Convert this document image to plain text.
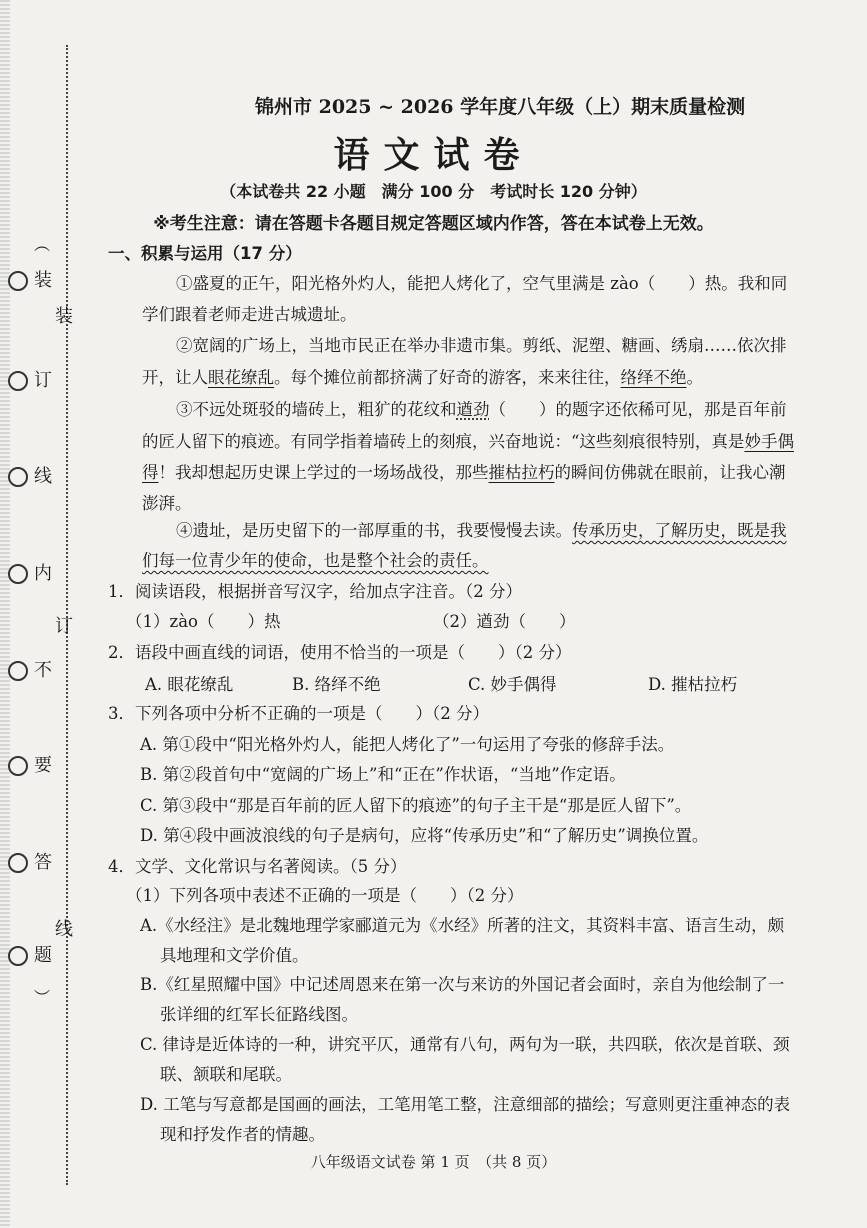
︵
装
订
线
内
不
要
答
题
︶
装
订
线
锦州市 2025 ~ 2026 学年度八年级（上）期末质量检测
语文试卷
（本试卷共 22 小题　满分 100 分　考试时长 120 分钟）
※考生注意：请在答题卡各题目规定答题区域内作答，答在本试卷上无效。
一、积累与运用（17 分）
①盛夏的正午，阳光格外灼人，能把人烤化了，空气里满是 zào（　　）热。我和同
学们跟着老师走进古城遗址。
②宽阔的广场上，当地市民正在举办非遗市集。剪纸、泥塑、糖画、绣扇……依次排
开，让人眼花缭乱。每个摊位前都挤满了好奇的游客，来来往往，络绎不绝。
③不远处斑驳的墙砖上，粗犷的花纹和遒劲（　　）的题字还依稀可见，那是百年前
的匠人留下的痕迹。有同学指着墙砖上的刻痕，兴奋地说：“这些刻痕很特别，真是妙手偶
得！我却想起历史课上学过的一场场战役，那些摧枯拉朽的瞬间仿佛就在眼前，让我心潮
澎湃。
④遗址，是历史留下的一部厚重的书，我要慢慢去读。传承历史，了解历史，既是我
们每一位青少年的使命，也是整个社会的责任。
1．阅读语段，根据拼音写汉字，给加点字注音。（2 分）
（1）zào（　　）热	（2）遒劲（　　）
2．语段中画直线的词语，使用不恰当的一项是（　　）（2 分）
A. 眼花缭乱	B. 络绎不绝	C. 妙手偶得	D. 摧枯拉朽
3．下列各项中分析不正确的一项是（　　）（2 分）
A. 第①段中“阳光格外灼人，能把人烤化了”一句运用了夸张的修辞手法。
B. 第②段首句中“宽阔的广场上”和“正在”作状语，“当地”作定语。
C. 第③段中“那是百年前的匠人留下的痕迹”的句子主干是“那是匠人留下”。
D. 第④段中画波浪线的句子是病句，应将“传承历史”和“了解历史”调换位置。
4．文学、文化常识与名著阅读。（5 分）
（1）下列各项中表述不正确的一项是（　　）（2 分）
A.《水经注》是北魏地理学家郦道元为《水经》所著的注文，其资料丰富、语言生动，颇
具地理和文学价值。
B.《红星照耀中国》中记述周恩来在第一次与来访的外国记者会面时，亲自为他绘制了一
张详细的红军长征路线图。
C. 律诗是近体诗的一种，讲究平仄，通常有八句，两句为一联，共四联，依次是首联、颈
联、颔联和尾联。
D. 工笔与写意都是国画的画法，工笔用笔工整，注意细部的描绘；写意则更注重神态的表
现和抒发作者的情趣。
八年级语文试卷 第 1 页　（共 8 页）
